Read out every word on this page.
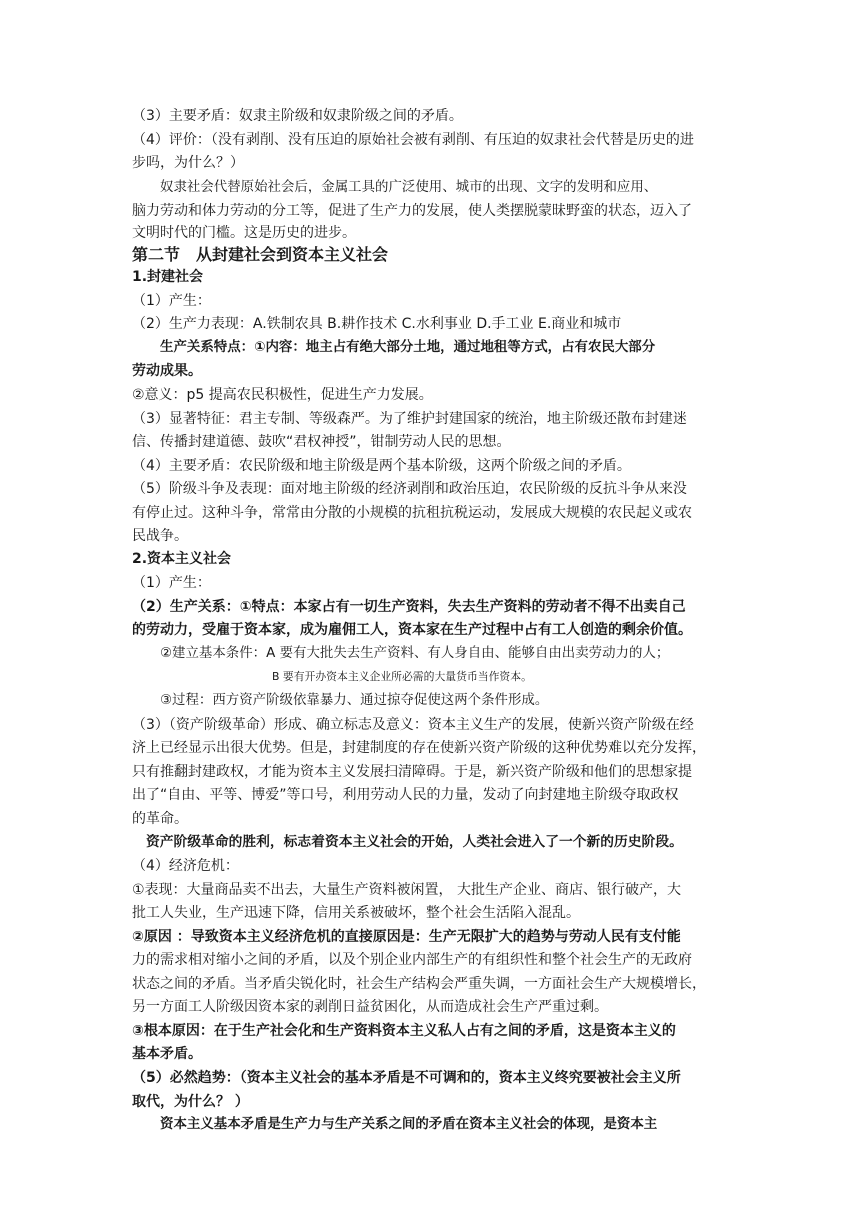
（3）主要矛盾：奴隶主阶级和奴隶阶级之间的矛盾。
（4）评价：（没有剥削、没有压迫的原始社会被有剥削、有压迫的奴隶社会代替是历史的进
步吗，为什么？）
奴隶社会代替原始社会后，金属工具的广泛使用、城市的出现、文字的发明和应用、
脑力劳动和体力劳动的分工等，促进了生产力的发展，使人类摆脱蒙昧野蛮的状态，迈入了
文明时代的门槛。这是历史的进步。
第二节　从封建社会到资本主义社会
1.封建社会
（1）产生：
（2）生产力表现：A.铁制农具 B.耕作技术 C.水利事业 D.手工业 E.商业和城市
生产关系特点：①内容：地主占有绝大部分土地，通过地租等方式，占有农民大部分
劳动成果。
②意义：p5 提高农民积极性，促进生产力发展。
（3）显著特征：君主专制、等级森严。为了维护封建国家的统治，地主阶级还散布封建迷
信、传播封建道德、鼓吹“君权神授”，钳制劳动人民的思想。
（4）主要矛盾：农民阶级和地主阶级是两个基本阶级，这两个阶级之间的矛盾。
（5）阶级斗争及表现：面对地主阶级的经济剥削和政治压迫，农民阶级的反抗斗争从来没
有停止过。这种斗争，常常由分散的小规模的抗租抗税运动，发展成大规模的农民起义或农
民战争。
2.资本主义社会
（1）产生：
（2）生产关系：①特点：本家占有一切生产资料，失去生产资料的劳动者不得不出卖自己
的劳动力，受雇于资本家，成为雇佣工人，资本家在生产过程中占有工人创造的剩余价值。
②建立基本条件：A 要有大批失去生产资料、有人身自由、能够自由出卖劳动力的人；
B 要有开办资本主义企业所必需的大量货币当作资本。
③过程：西方资产阶级依靠暴力、通过掠夺促使这两个条件形成。
（3）（资产阶级革命）形成、确立标志及意义：资本主义生产的发展，使新兴资产阶级在经
济上已经显示出很大优势。但是，封建制度的存在使新兴资产阶级的这种优势难以充分发挥，
只有推翻封建政权，才能为资本主义发展扫清障碍。于是，新兴资产阶级和他们的思想家提
出了“自由、平等、博爱”等口号，利用劳动人民的力量，发动了向封建地主阶级夺取政权
的革命。
资产阶级革命的胜利，标志着资本主义社会的开始，人类社会进入了一个新的历史阶段。
（4）经济危机：
①表现：大量商品卖不出去，大量生产资料被闲置， 大批生产企业、商店、银行破产，大
批工人失业，生产迅速下降，信用关系被破坏，整个社会生活陷入混乱。
②原因 ：导致资本主义经济危机的直接原因是：生产无限扩大的趋势与劳动人民有支付能
力的需求相对缩小之间的矛盾，以及个别企业内部生产的有组织性和整个社会生产的无政府
状态之间的矛盾。当矛盾尖锐化时，社会生产结构会严重失调，一方面社会生产大规模增长，
另一方面工人阶级因资本家的剥削日益贫困化，从而造成社会生产严重过剩。
③根本原因：在于生产社会化和生产资料资本主义私人占有之间的矛盾，这是资本主义的
基本矛盾。
（5）必然趋势：（资本主义社会的基本矛盾是不可调和的，资本主义终究要被社会主义所
取代，为什么？ ）
资本主义基本矛盾是生产力与生产关系之间的矛盾在资本主义社会的体现，是资本主
